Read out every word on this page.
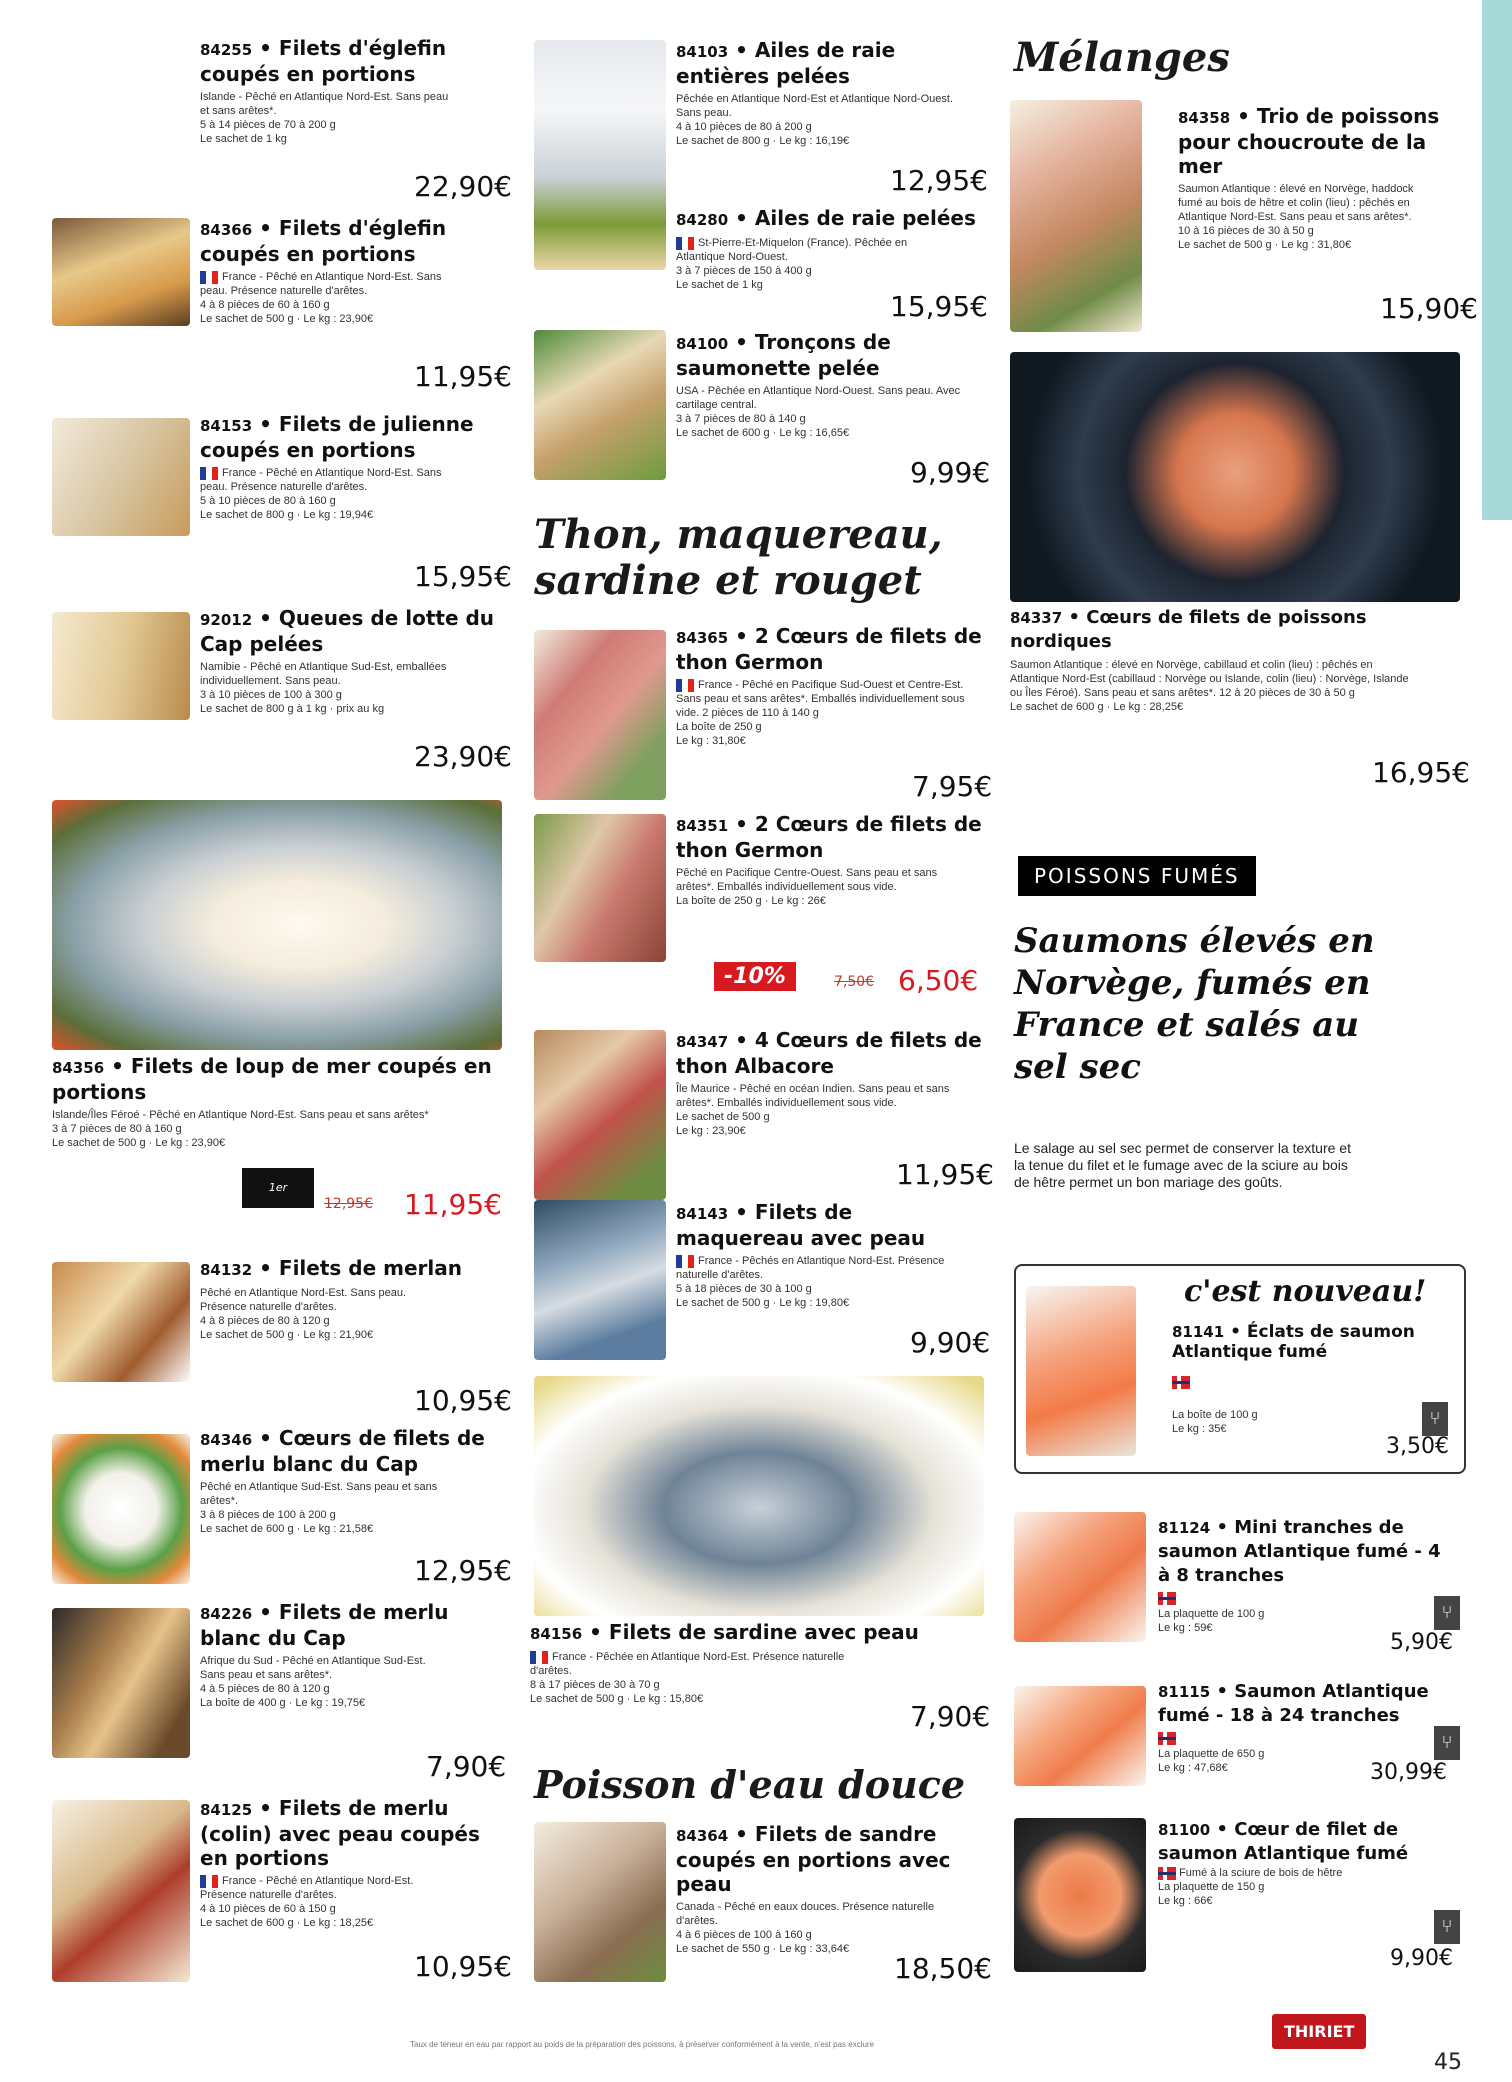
84255 • Filets d'églefin coupés en portions
Islande - Pêché en Atlantique Nord-Est. Sans peau et sans arêtes*.
5 à 14 pièces de 70 à 200 g
Le sachet de 1 kg
22,90€
84366 • Filets d'églefin coupés en portions
France - Pêché en Atlantique Nord-Est. Sans peau. Présence naturelle d'arêtes.
4 à 8 pièces de 60 à 160 g
Le sachet de 500 g · Le kg : 23,90€
11,95€
84153 • Filets de julienne coupés en portions
France - Pêché en Atlantique Nord-Est. Sans peau. Présence naturelle d'arêtes.
5 à 10 pièces de 80 à 160 g
Le sachet de 800 g · Le kg : 19,94€
15,95€
92012 • Queues de lotte du Cap pelées
Namibie - Pêché en Atlantique Sud-Est, emballées individuellement. Sans peau.
3 à 10 pièces de 100 à 300 g
Le sachet de 800 g à 1 kg · prix au kg
23,90€
84356 • Filets de loup de mer coupés en portions
Islande/Îles Féroé - Pêché en Atlantique Nord-Est. Sans peau et sans arêtes*
3 à 7 pièces de 80 à 160 g
Le sachet de 500 g · Le kg : 23,90€
1er
12,95€ 11,95€
84132 • Filets de merlan
Pêché en Atlantique Nord-Est. Sans peau. Présence naturelle d'arêtes.
4 à 8 pièces de 80 à 120 g
Le sachet de 500 g · Le kg : 21,90€
10,95€
84346 • Cœurs de filets de merlu blanc du Cap
Pêché en Atlantique Sud-Est. Sans peau et sans arêtes*.
3 à 8 pièces de 100 à 200 g
Le sachet de 600 g · Le kg : 21,58€
12,95€
84226 • Filets de merlu blanc du Cap
Afrique du Sud - Pêché en Atlantique Sud-Est. Sans peau et sans arêtes*.
4 à 5 pièces de 80 à 120 g
La boîte de 400 g · Le kg : 19,75€
7,90€
84125 • Filets de merlu (colin) avec peau coupés en portions
France - Pêché en Atlantique Nord-Est. Présence naturelle d'arêtes.
4 à 10 pièces de 60 à 150 g
Le sachet de 600 g · Le kg : 18,25€
10,95€
84103 • Ailes de raie entières pelées
Pêchée en Atlantique Nord-Est et Atlantique Nord-Ouest. Sans peau.
4 à 10 pièces de 80 à 200 g
Le sachet de 800 g · Le kg : 16,19€
12,95€
84280 • Ailes de raie pelées
St-Pierre-Et-Miquelon (France). Pêchée en Atlantique Nord-Ouest.
3 à 7 pièces de 150 à 400 g
Le sachet de 1 kg
15,95€
84100 • Tronçons de saumonette pelée
USA - Pêchée en Atlantique Nord-Ouest. Sans peau. Avec cartilage central.
3 à 7 pièces de 80 à 140 g
Le sachet de 600 g · Le kg : 16,65€
9,99€
Thon, maquereau, sardine et rouget
84365 • 2 Cœurs de filets de thon Germon
France - Pêché en Pacifique Sud-Ouest et Centre-Est. Sans peau et sans arêtes*. Emballés individuellement sous vide. 2 pièces de 110 à 140 g
La boîte de 250 g
Le kg : 31,80€
7,95€
84351 • 2 Cœurs de filets de thon Germon
Pêché en Pacifique Centre-Ouest. Sans peau et sans arêtes*. Emballés individuellement sous vide.
La boîte de 250 g · Le kg : 26€
-10%	7,50€ 6,50€
84347 • 4 Cœurs de filets de thon Albacore
Île Maurice - Pêché en océan Indien. Sans peau et sans arêtes*. Emballés individuellement sous vide.
Le sachet de 500 g
Le kg : 23,90€
11,95€
84143 • Filets de maquereau avec peau
France - Pêchés en Atlantique Nord-Est. Présence naturelle d'arêtes.
5 à 18 pièces de 30 à 100 g
Le sachet de 500 g · Le kg : 19,80€
9,90€
84156 • Filets de sardine avec peau
France - Pêchée en Atlantique Nord-Est. Présence naturelle d'arêtes.
8 à 17 pièces de 30 à 70 g
Le sachet de 500 g · Le kg : 15,80€
7,90€
Poisson d'eau douce
84364 • Filets de sandre coupés en portions avec peau
Canada - Pêché en eaux douces. Présence naturelle d'arêtes.
4 à 6 pièces de 100 à 160 g
Le sachet de 550 g · Le kg : 33,64€
18,50€
Taux de teneur en eau par rapport au poids de la préparation des poissons, à préserver conformément à la vente, n'est pas exclure
Mélanges
84358 • Trio de poissons pour choucroute de la mer
Saumon Atlantique : élevé en Norvège, haddock fumé au bois de hêtre et colin (lieu) : pêchés en Atlantique Nord-Est. Sans peau et sans arêtes*.
10 à 16 pièces de 30 à 50 g
Le sachet de 500 g · Le kg : 31,80€
15,90€
84337 • Cœurs de filets de poissons nordiques
Saumon Atlantique : élevé en Norvège, cabillaud et colin (lieu) : pêchés en Atlantique Nord-Est (cabillaud : Norvège ou Islande, colin (lieu) : Norvège, Islande ou Îles Féroé). Sans peau et sans arêtes*. 12 à 20 pièces de 30 à 50 g
Le sachet de 600 g · Le kg : 28,25€
16,95€
POISSONS FUMÉS
Saumons élevés en Norvège, fumés en France et salés au sel sec
Le salage au sel sec permet de conserver la texture et la tenue du filet et le fumage avec de la sciure au bois de hêtre permet un bon mariage des goûts.
c'est nouveau!
81141 • Éclats de saumon Atlantique fumé
La boîte de 100 g
Le kg : 35€	⑂
3,50€
81124 • Mini tranches de saumon Atlantique fumé - 4 à 8 tranches
La plaquette de 100 g
Le kg : 59€
⑂
5,90€
81115 • Saumon Atlantique fumé - 18 à 24 tranches
La plaquette de 650 g
Le kg : 47,68€
⑂
30,99€
81100 • Cœur de filet de saumon Atlantique fumé
Fumé à la sciure de bois de hêtre
La plaquette de 150 g
Le kg : 66€
⑂
9,90€
THIRIET
45
